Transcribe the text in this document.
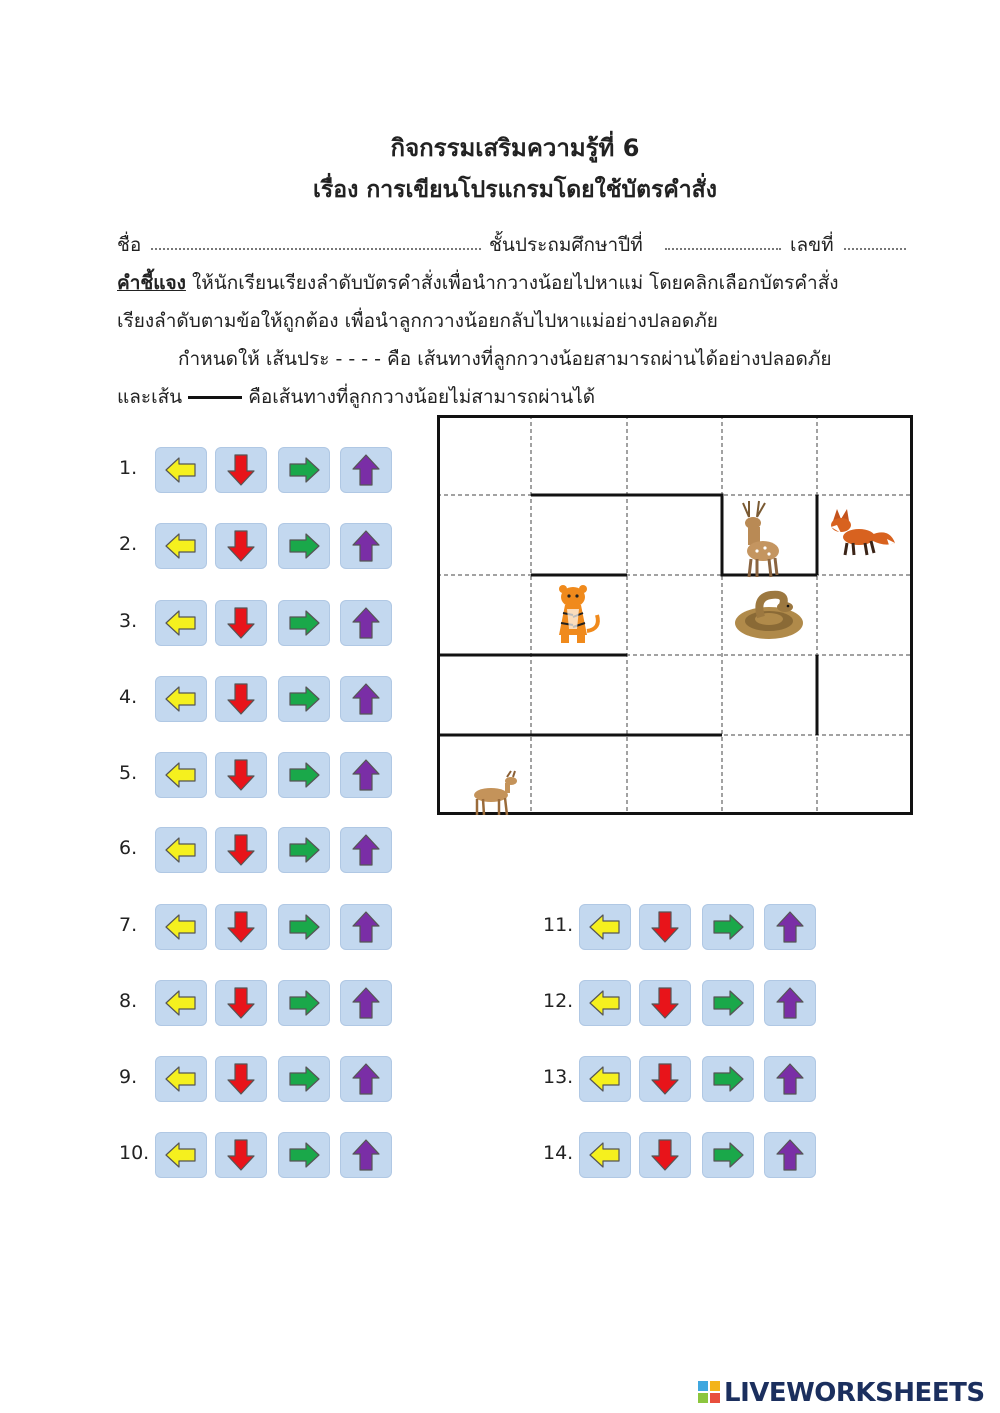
กิจกรรมเสริมความรู้ที่ 6
เรื่อง การเขียนโปรแกรมโดยใช้บัตรคำสั่ง
ชื่อ	ชั้นประถมศึกษาปีที่	เลขที่
คำชี้แจง ให้นักเรียนเรียงลำดับบัตรคำสั่งเพื่อนำกวางน้อยไปหาแม่ โดยคลิกเลือกบัตรคำสั่ง
เรียงลำดับตามข้อให้ถูกต้อง เพื่อนำลูกกวางน้อยกลับไปหาแม่อย่างปลอดภัย
กำหนดให้ เส้นประ - - - - คือ เส้นทางที่ลูกกวางน้อยสามารถผ่านได้อย่างปลอดภัย
และเส้น	คือเส้นทางที่ลูกกวางน้อยไม่สามารถผ่านได้
1.
2.
3.
4.
5.
6.
7.
8.
9.
10.
11.
12.
13.
14.
LIVEWORKSHEETS
